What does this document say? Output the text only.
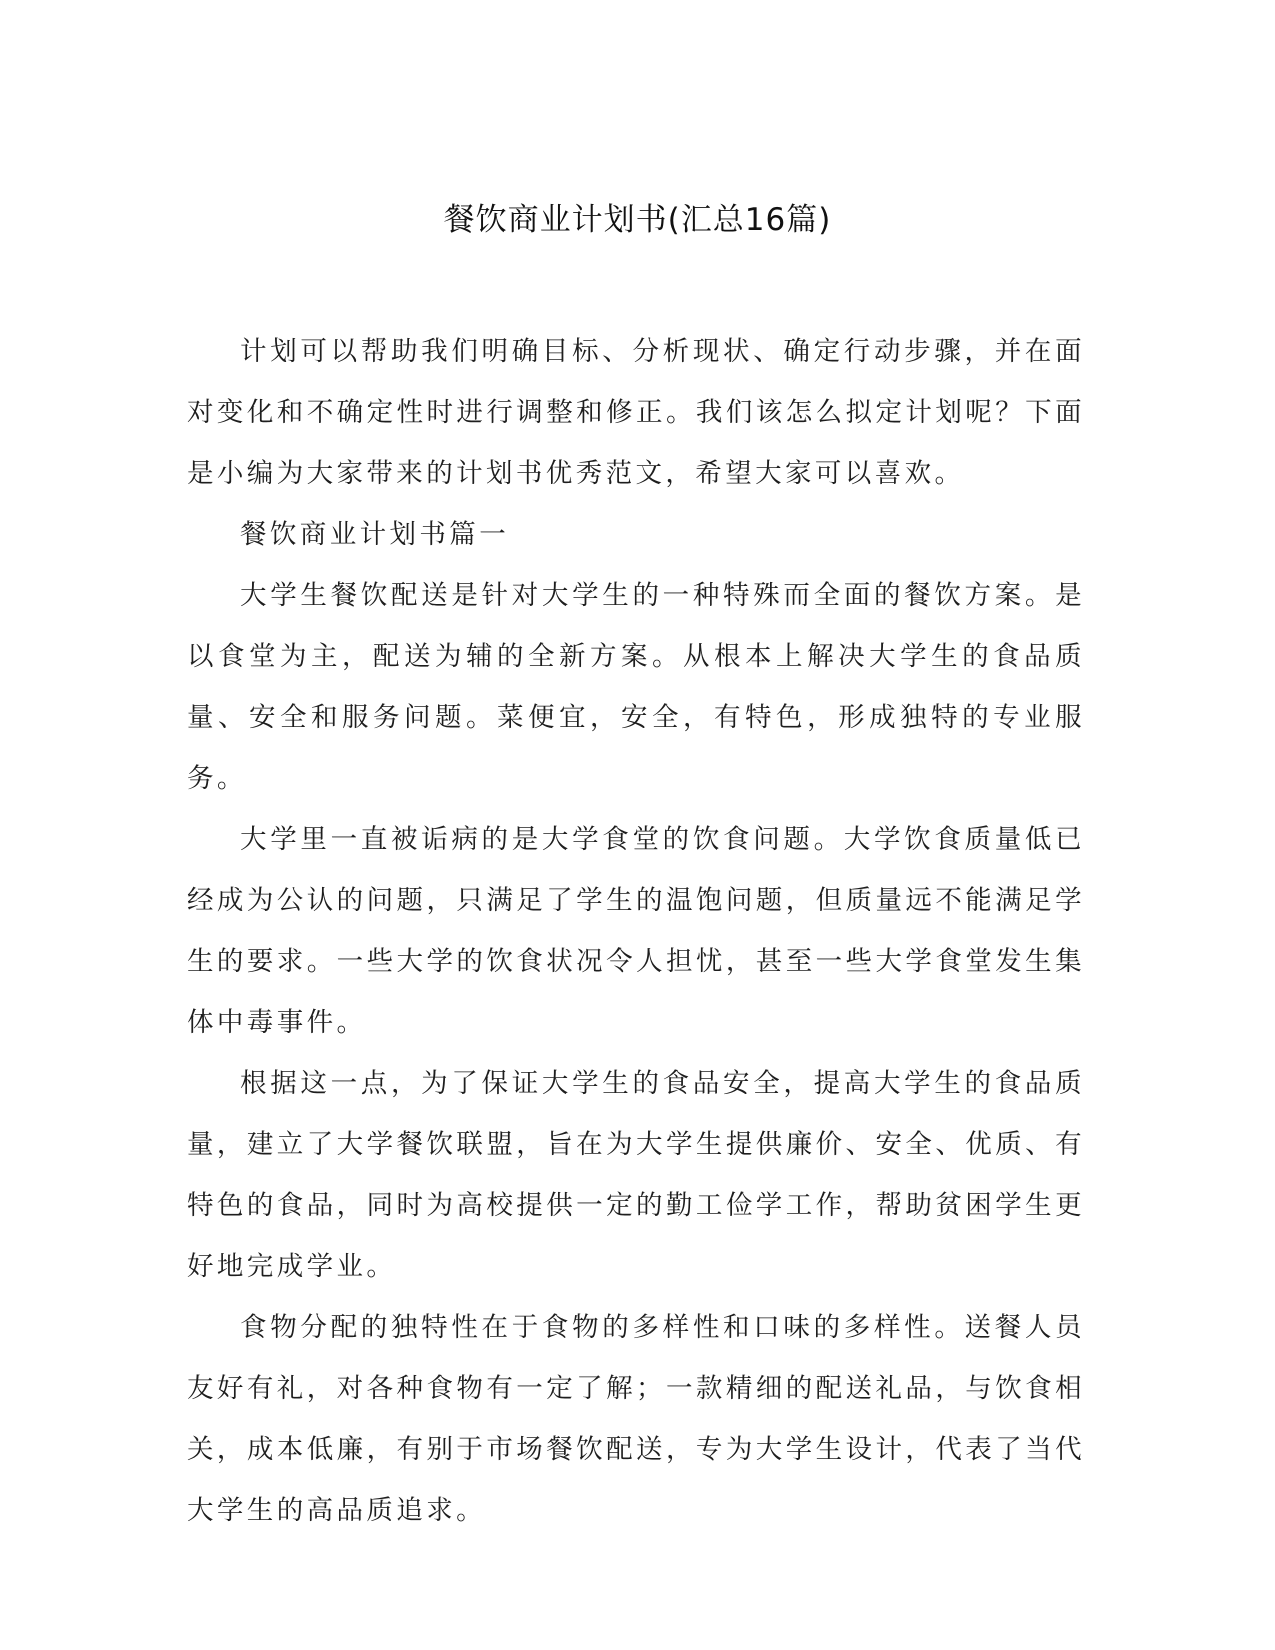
餐饮商业计划书(汇总16篇)

计划可以帮助我们明确目标、分析现状、确定行动步骤，并在面对变化和不确定性时进行调整和修正。我们该怎么拟定计划呢？下面是小编为大家带来的计划书优秀范文，希望大家可以喜欢。

餐饮商业计划书篇一

大学生餐饮配送是针对大学生的一种特殊而全面的餐饮方案。是以食堂为主，配送为辅的全新方案。从根本上解决大学生的食品质量、安全和服务问题。菜便宜，安全，有特色，形成独特的专业服务。

大学里一直被诟病的是大学食堂的饮食问题。大学饮食质量低已经成为公认的问题，只满足了学生的温饱问题，但质量远不能满足学生的要求。一些大学的饮食状况令人担忧，甚至一些大学食堂发生集体中毒事件。

根据这一点，为了保证大学生的食品安全，提高大学生的食品质量，建立了大学餐饮联盟，旨在为大学生提供廉价、安全、优质、有特色的食品，同时为高校提供一定的勤工俭学工作，帮助贫困学生更好地完成学业。

食物分配的独特性在于食物的多样性和口味的多样性。送餐人员友好有礼，对各种食物有一定了解；一款精细的配送礼品，与饮食相关，成本低廉，有别于市场餐饮配送，专为大学生设计，代表了当代大学生的高品质追求。
